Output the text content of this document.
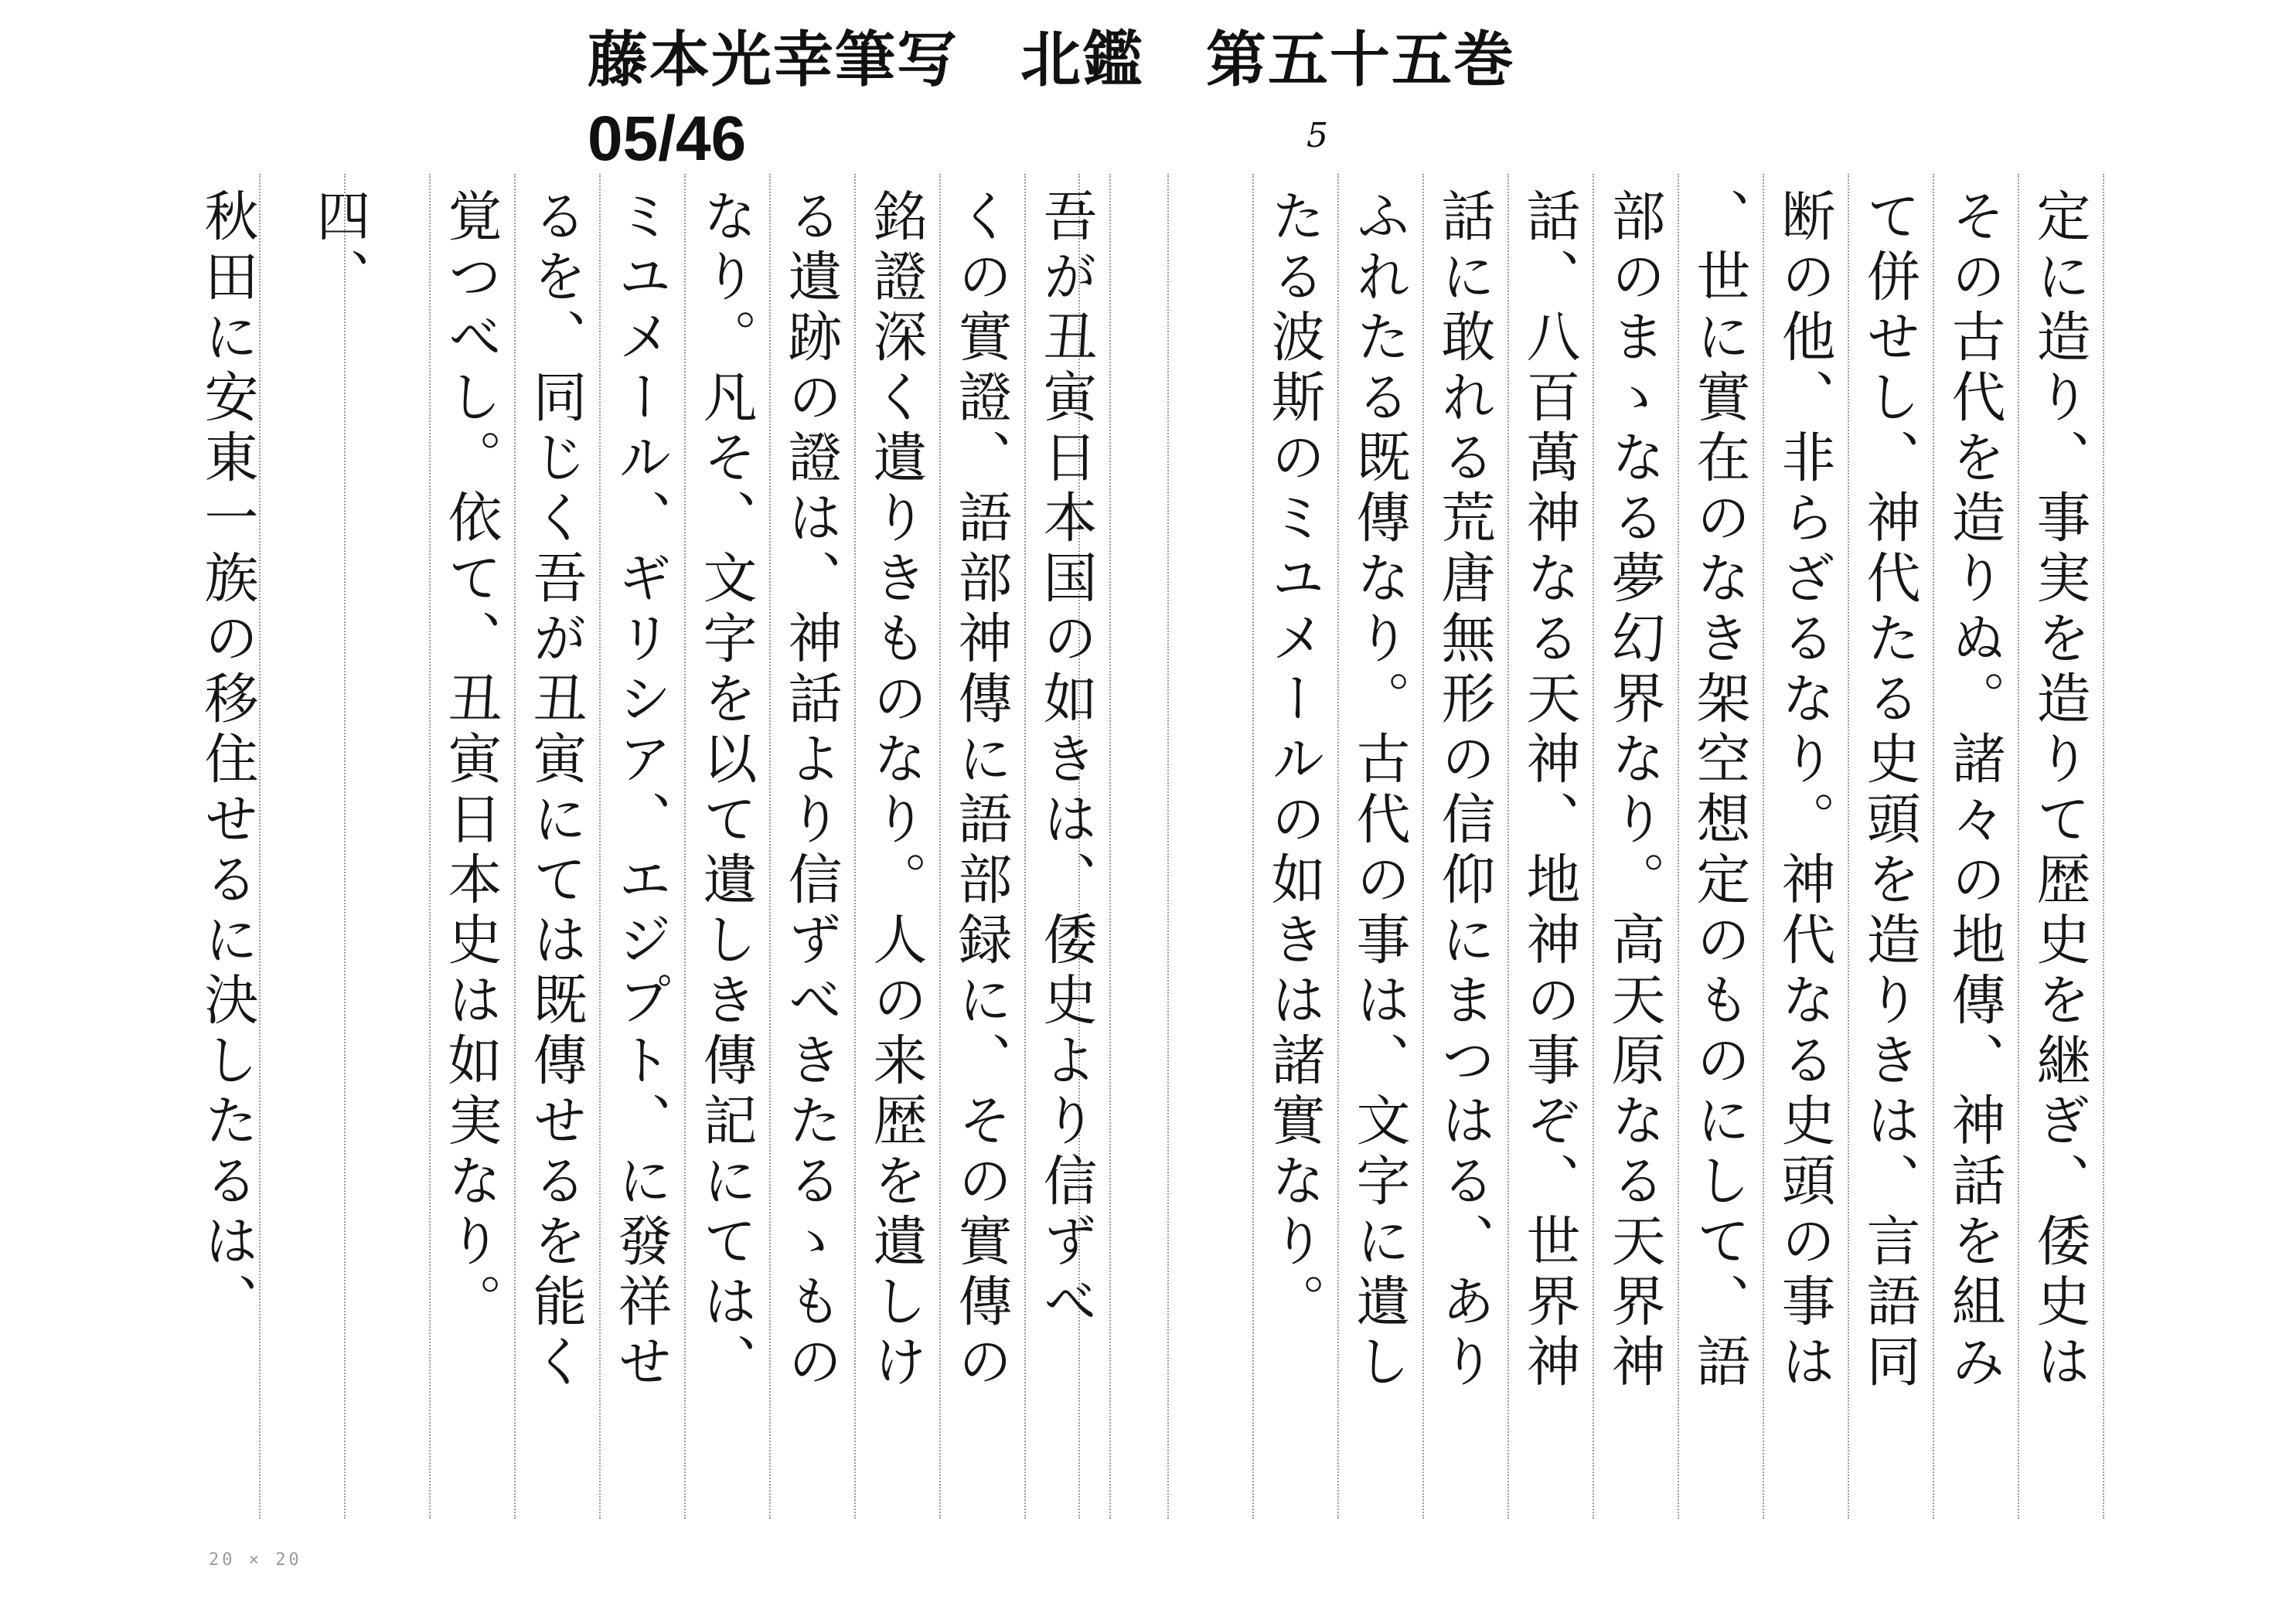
藤本光幸筆写　北鑑　第五十五巻
05/46	5
定に造り、事実を造りて歴史を継ぎ、倭史は
その古代を造りぬ。諸々の地傳、神話を組み
て併せし、神代たる史頭を造りきは、言語同
断の他、非らざるなり。神代なる史頭の事は
、世に實在のなき架空想定のものにして、語
部のまゝなる夢幻界なり。高天原なる天界神
話、八百萬神なる天神、地神の事ぞ、世界神
話に敢れる荒唐無形の信仰にまつはる、あり
ふれたる既傳なり。古代の事は、文字に遺し
たる波斯のミユメールの如きは諸實なり。
吾が丑寅日本国の如きは、倭史より信ずべ
くの實證、語部神傳に語部録に、その實傳の
銘證深く遺りきものなり。人の来歴を遺しけ
る遺跡の證は、神話より信ずべきたるゝもの
なり。凡そ、文字を以て遺しき傳記にては、
ミユメール、ギリシア、エジプト、に發祥せ
るを、同じく吾が丑寅にては既傳せるを能く
覚つべし。依て、丑寅日本史は如実なり。
四、
秋田に安東一族の移住せるに決したるは、
20 × 20
